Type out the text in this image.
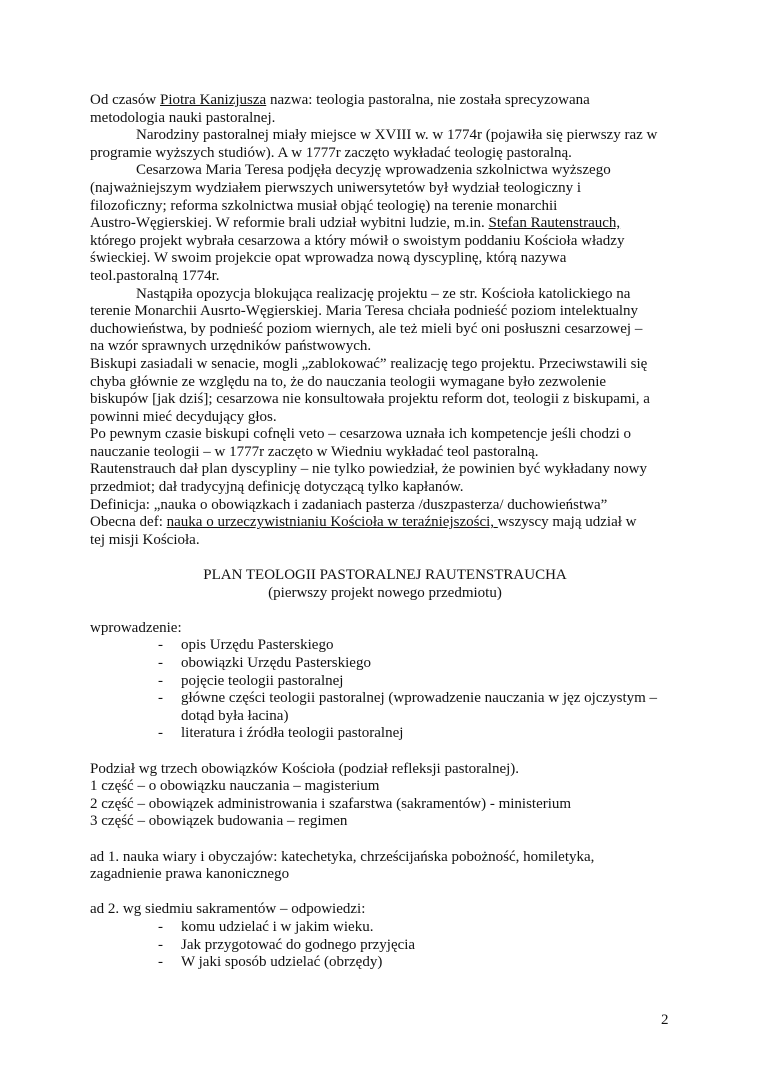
Od czasów Piotra Kanizjusza nazwa: teologia pastoralna, nie została sprecyzowana
metodologia nauki pastoralnej.
Narodziny pastoralnej miały miejsce w XVIII w. w 1774r (pojawiła się pierwszy raz w
programie wyższych studiów). A w 1777r zaczęto wykładać teologię pastoralną.
Cesarzowa Maria Teresa podjęła decyzję wprowadzenia szkolnictwa wyższego
(najważniejszym wydziałem pierwszych uniwersytetów był wydział teologiczny i
filozoficzny; reforma szkolnictwa musiał objąć teologię) na terenie monarchii
Austro-Węgierskiej. W reformie brali udział wybitni ludzie, m.in. Stefan Rautenstrauch,
którego projekt wybrała cesarzowa a który mówił o swoistym poddaniu Kościoła władzy
świeckiej. W swoim projekcie opat wprowadza nową dyscyplinę, którą nazywa
teol.pastoralną 1774r.
Nastąpiła opozycja blokująca realizację projektu – ze str. Kościoła katolickiego na
terenie Monarchii Ausrto-Węgierskiej. Maria Teresa chciała podnieść poziom intelektualny
duchowieństwa, by podnieść poziom wiernych, ale też mieli być oni posłuszni cesarzowej –
na wzór sprawnych urzędników państwowych.
Biskupi zasiadali w senacie, mogli „zablokować” realizację tego projektu. Przeciwstawili się
chyba głównie ze względu na to, że do nauczania teologii wymagane było zezwolenie
biskupów [jak dziś]; cesarzowa nie konsultowała projektu reform dot, teologii z biskupami, a
powinni mieć decydujący głos.
Po pewnym czasie biskupi cofnęli veto – cesarzowa uznała ich kompetencje jeśli chodzi o
nauczanie teologii – w 1777r zaczęto w Wiedniu wykładać teol pastoralną.
Rautenstrauch dał plan dyscypliny – nie tylko powiedział, że powinien być wykładany nowy
przedmiot; dał tradycyjną definicję dotyczącą tylko kapłanów.
Definicja: „nauka o obowiązkach i zadaniach pasterza /duszpasterza/ duchowieństwa”
Obecna def: nauka o urzeczywistnianiu Kościoła w teraźniejszości, wszyscy mają udział w
tej misji Kościoła.
PLAN TEOLOGII PASTORALNEJ RAUTENSTRAUCHA
(pierwszy projekt nowego przedmiotu)
wprowadzenie:
- opis Urzędu Pasterskiego
- obowiązki Urzędu Pasterskiego
- pojęcie teologii pastoralnej
- główne części teologii pastoralnej (wprowadzenie nauczania w jęz ojczystym –
dotąd była łacina)
- literatura i źródła teologii pastoralnej
Podział wg trzech obowiązków Kościoła (podział refleksji pastoralnej).
1 część – o obowiązku nauczania – magisterium
2 część – obowiązek administrowania i szafarstwa (sakramentów) - ministerium
3 część – obowiązek budowania – regimen
ad 1. nauka wiary i obyczajów: katechetyka, chrześcijańska pobożność, homiletyka,
zagadnienie prawa kanonicznego
ad 2. wg siedmiu sakramentów – odpowiedzi:
- komu udzielać i w jakim wieku.
- Jak przygotować do godnego przyjęcia
- W jaki sposób udzielać (obrzędy)
2
